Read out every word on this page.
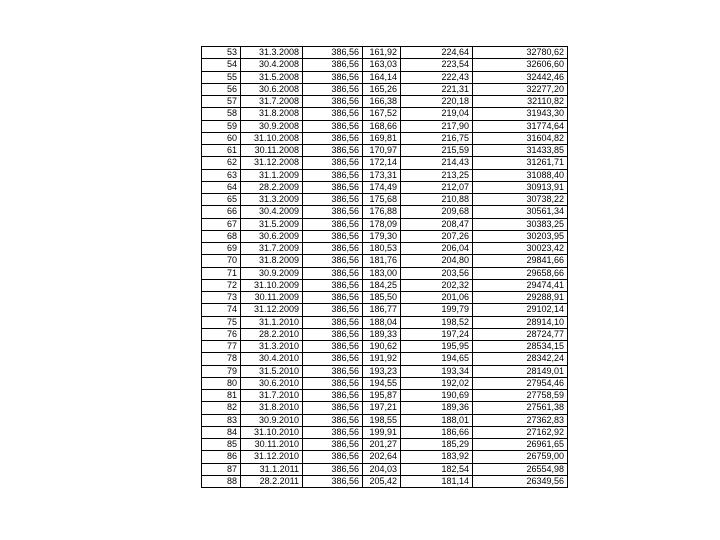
53	31.3.2008	386,56	161,92	224,64	32780,62
54	30.4.2008	386,56	163,03	223,54	32606,60
55	31.5.2008	386,56	164,14	222,43	32442,46
56	30.6.2008	386,56	165,26	221,31	32277,20
57	31.7.2008	386,56	166,38	220,18	32110,82
58	31.8.2008	386,56	167,52	219,04	31943,30
59	30.9.2008	386,56	168,66	217,90	31774,64
60	31.10.2008	386,56	169,81	216,75	31604,82
61	30.11.2008	386,56	170,97	215,59	31433,85
62	31.12.2008	386,56	172,14	214,43	31261,71
63	31.1.2009	386,56	173,31	213,25	31088,40
64	28.2.2009	386,56	174,49	212,07	30913,91
65	31.3.2009	386,56	175,68	210,88	30738,22
66	30.4.2009	386,56	176,88	209,68	30561,34
67	31.5.2009	386,56	178,09	208,47	30383,25
68	30.6.2009	386,56	179,30	207,26	30203,95
69	31.7.2009	386,56	180,53	206,04	30023,42
70	31.8.2009	386,56	181,76	204,80	29841,66
71	30.9.2009	386,56	183,00	203,56	29658,66
72	31.10.2009	386,56	184,25	202,32	29474,41
73	30.11.2009	386,56	185,50	201,06	29288,91
74	31.12.2009	386,56	186,77	199,79	29102,14
75	31.1.2010	386,56	188,04	198,52	28914,10
76	28.2.2010	386,56	189,33	197,24	28724,77
77	31.3.2010	386,56	190,62	195,95	28534,15
78	30.4.2010	386,56	191,92	194,65	28342,24
79	31.5.2010	386,56	193,23	193,34	28149,01
80	30.6.2010	386,56	194,55	192,02	27954,46
81	31.7.2010	386,56	195,87	190,69	27758,59
82	31.8.2010	386,56	197,21	189,36	27561,38
83	30.9.2010	386,56	198,55	188,01	27362,83
84	31.10.2010	386,56	199,91	186,66	27162,92
85	30.11.2010	386,56	201,27	185,29	26961,65
86	31.12.2010	386,56	202,64	183,92	26759,00
87	31.1.2011	386,56	204,03	182,54	26554,98
88	28.2.2011	386,56	205,42	181,14	26349,56
